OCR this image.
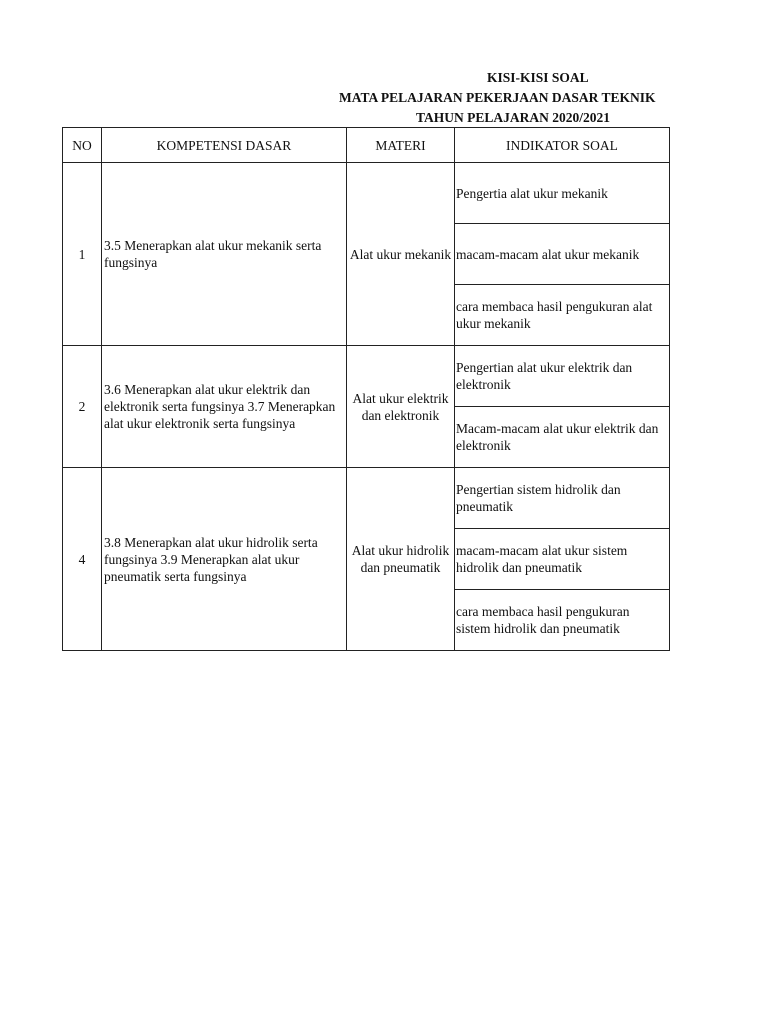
KISI-KISI SOAL
MATA PELAJARAN PEKERJAAN DASAR TEKNIK
TAHUN PELAJARAN 2020/2021
NO	KOMPETENSI DASAR	MATERI	INDIKATOR SOAL
1	3.5 Menerapkan alat ukur mekanik serta fungsinya	Alat ukur mekanik	Pengertia alat ukur mekanik
			macam-macam alat ukur mekanik
			cara membaca hasil pengukuran alat ukur mekanik
2	3.6 Menerapkan alat ukur elektrik dan elektronik serta fungsinya 3.7 Menerapkan alat ukur elektronik serta fungsinya	Alat ukur elektrik dan elektronik	Pengertian alat ukur elektrik dan elektronik
			Macam-macam alat ukur elektrik dan elektronik
4	3.8 Menerapkan alat ukur hidrolik serta fungsinya 3.9 Menerapkan alat ukur pneumatik serta fungsinya	Alat ukur hidrolik dan pneumatik	Pengertian sistem hidrolik dan pneumatik
			macam-macam alat ukur sistem hidrolik dan pneumatik
			cara membaca hasil pengukuran sistem hidrolik dan pneumatik
